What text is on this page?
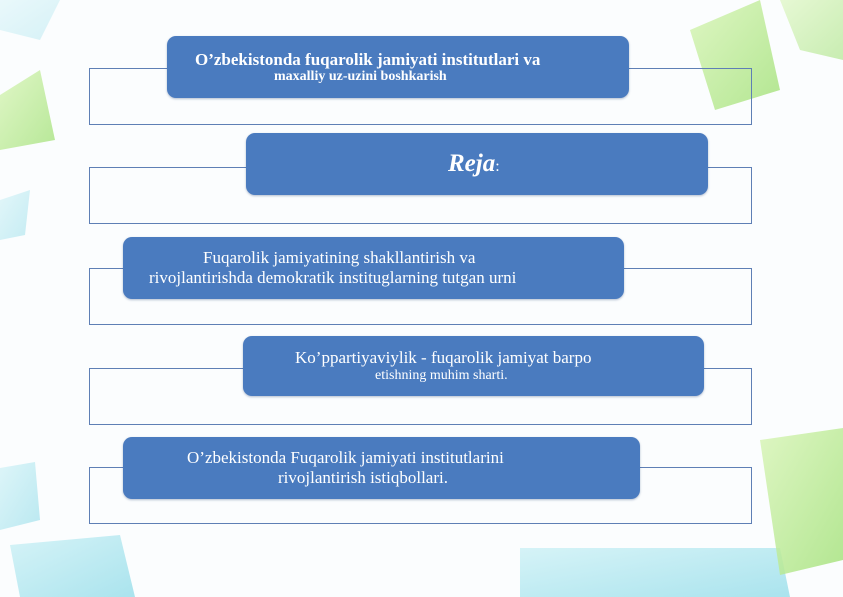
O’zbekistonda fuqarolik jamiyati institutlari va
maxalliy uz-uzini boshkarish
Reja:
Fuqarolik jamiyatining shakllantirish va
rivojlantirishda demokratik instituglarning tutgan urni
Ko’ppartiyaviylik - fuqarolik jamiyat barpo
etishning muhim sharti.
O’zbekistonda Fuqarolik jamiyati institutlarini
rivojlantirish istiqbollari.
